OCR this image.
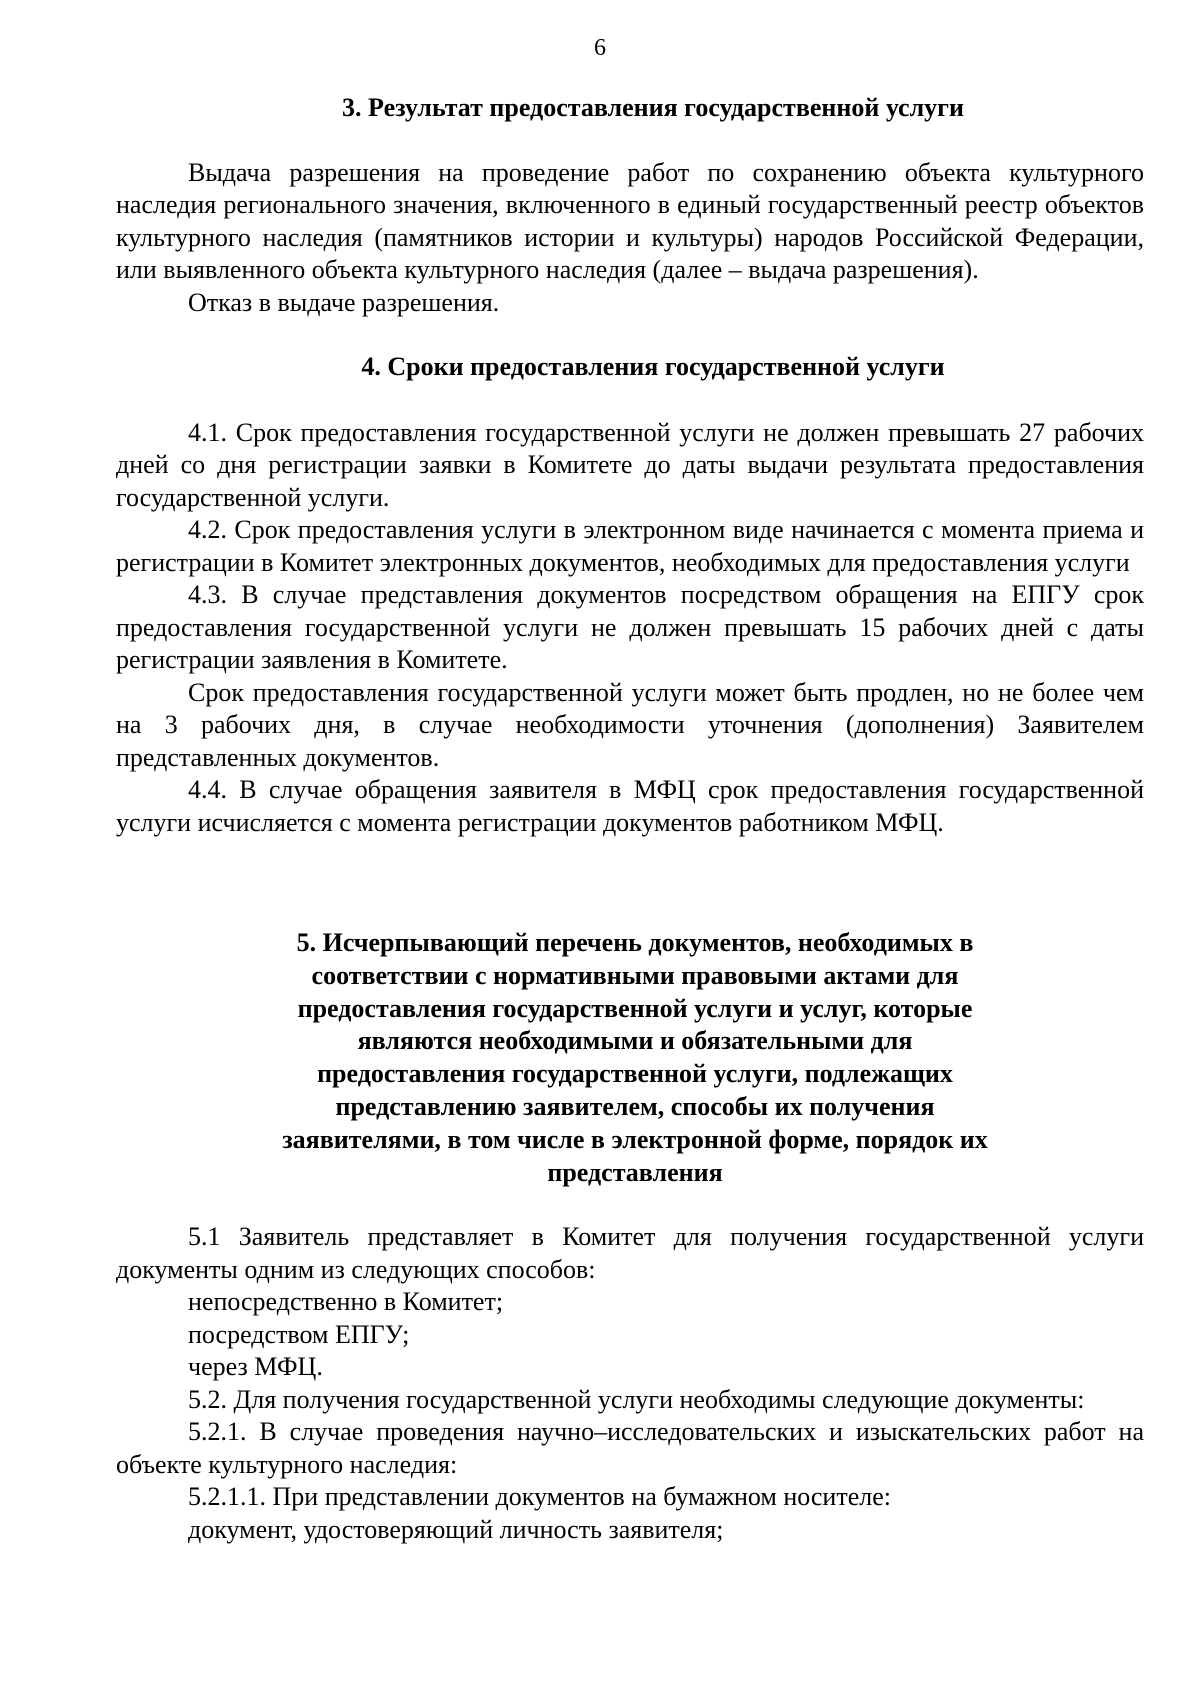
6
3. Результат предоставления государственной услуги

Выдача разрешения на проведение работ по сохранению объекта культурного наследия регионального значения, включенного в единый государственный реестр объектов культурного наследия (памятников истории и культуры) народов Российской Федерации, или выявленного объекта культурного наследия (далее – выдача разрешения).

Отказ в выдаче разрешения.

4. Сроки предоставления государственной услуги

4.1. Срок предоставления государственной услуги не должен превышать 27 рабочих дней со дня регистрации заявки в Комитете до даты выдачи результата предоставления государственной услуги.

4.2. Срок предоставления услуги в электронном виде начинается с момента приема и регистрации в Комитет электронных документов, необходимых для предоставления услуги

4.3. В случае представления документов посредством обращения на ЕПГУ срок предоставления государственной услуги не должен превышать 15 рабочих дней с даты регистрации заявления в Комитете.

Срок предоставления государственной услуги может быть продлен, но не более чем на 3 рабочих дня, в случае необходимости уточнения (дополнения) Заявителем представленных документов.

4.4. В случае обращения заявителя в МФЦ срок предоставления государственной услуги исчисляется с момента регистрации документов работником МФЦ.

5. Исчерпывающий перечень документов, необходимых в соответствии с нормативными правовыми актами для предоставления государственной услуги и услуг, которые являются необходимыми и обязательными для предоставления государственной услуги, подлежащих представлению заявителем, способы их получения заявителями, в том числе в электронной форме, порядок их представления

5.1 Заявитель представляет в Комитет для получения государственной услуги документы одним из следующих способов:

непосредственно в Комитет;

посредством ЕПГУ;

через МФЦ.

5.2. Для получения государственной услуги необходимы следующие документы:

5.2.1. В случае проведения научно–исследовательских и изыскательских работ на объекте культурного наследия:

5.2.1.1. При представлении документов на бумажном носителе:

документ, удостоверяющий личность заявителя;
